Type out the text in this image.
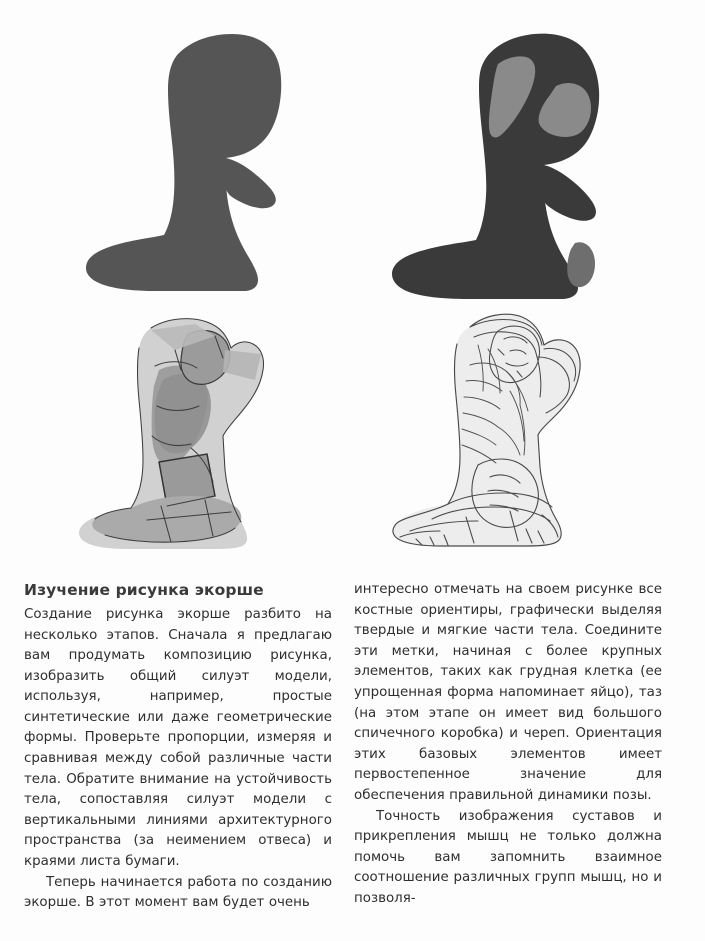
Изучение рисунка экорше

Создание рисунка экорше разбито на несколько этапов. Сначала я предлагаю вам продумать композицию рисунка, изобразить общий силуэт модели, используя, например, простые синтетические или даже геометрические формы. Проверьте пропорции, измеряя и сравнивая между собой различные части тела. Обратите внимание на устойчивость тела, сопоставляя силуэт модели с вертикальными линиями архитектурного пространства (за неимением отвеса) и краями листа бумаги.

Теперь начинается работа по созданию экорше. В этот момент вам будет очень

интересно отмечать на своем рисунке все костные ориентиры, графически выделяя твердые и мягкие части тела. Соедините эти метки, начиная с более крупных элементов, таких как грудная клетка (ее упрощенная форма напоминает яйцо), таз (на этом этапе он имеет вид большого спичечного коробка) и череп. Ориентация этих базовых элементов имеет первостепенное значение для обеспечения правильной динамики позы.

Точность изображения суставов и прикрепления мышц не только должна помочь вам запомнить взаимное соотношение различных групп мышц, но и позволя-
